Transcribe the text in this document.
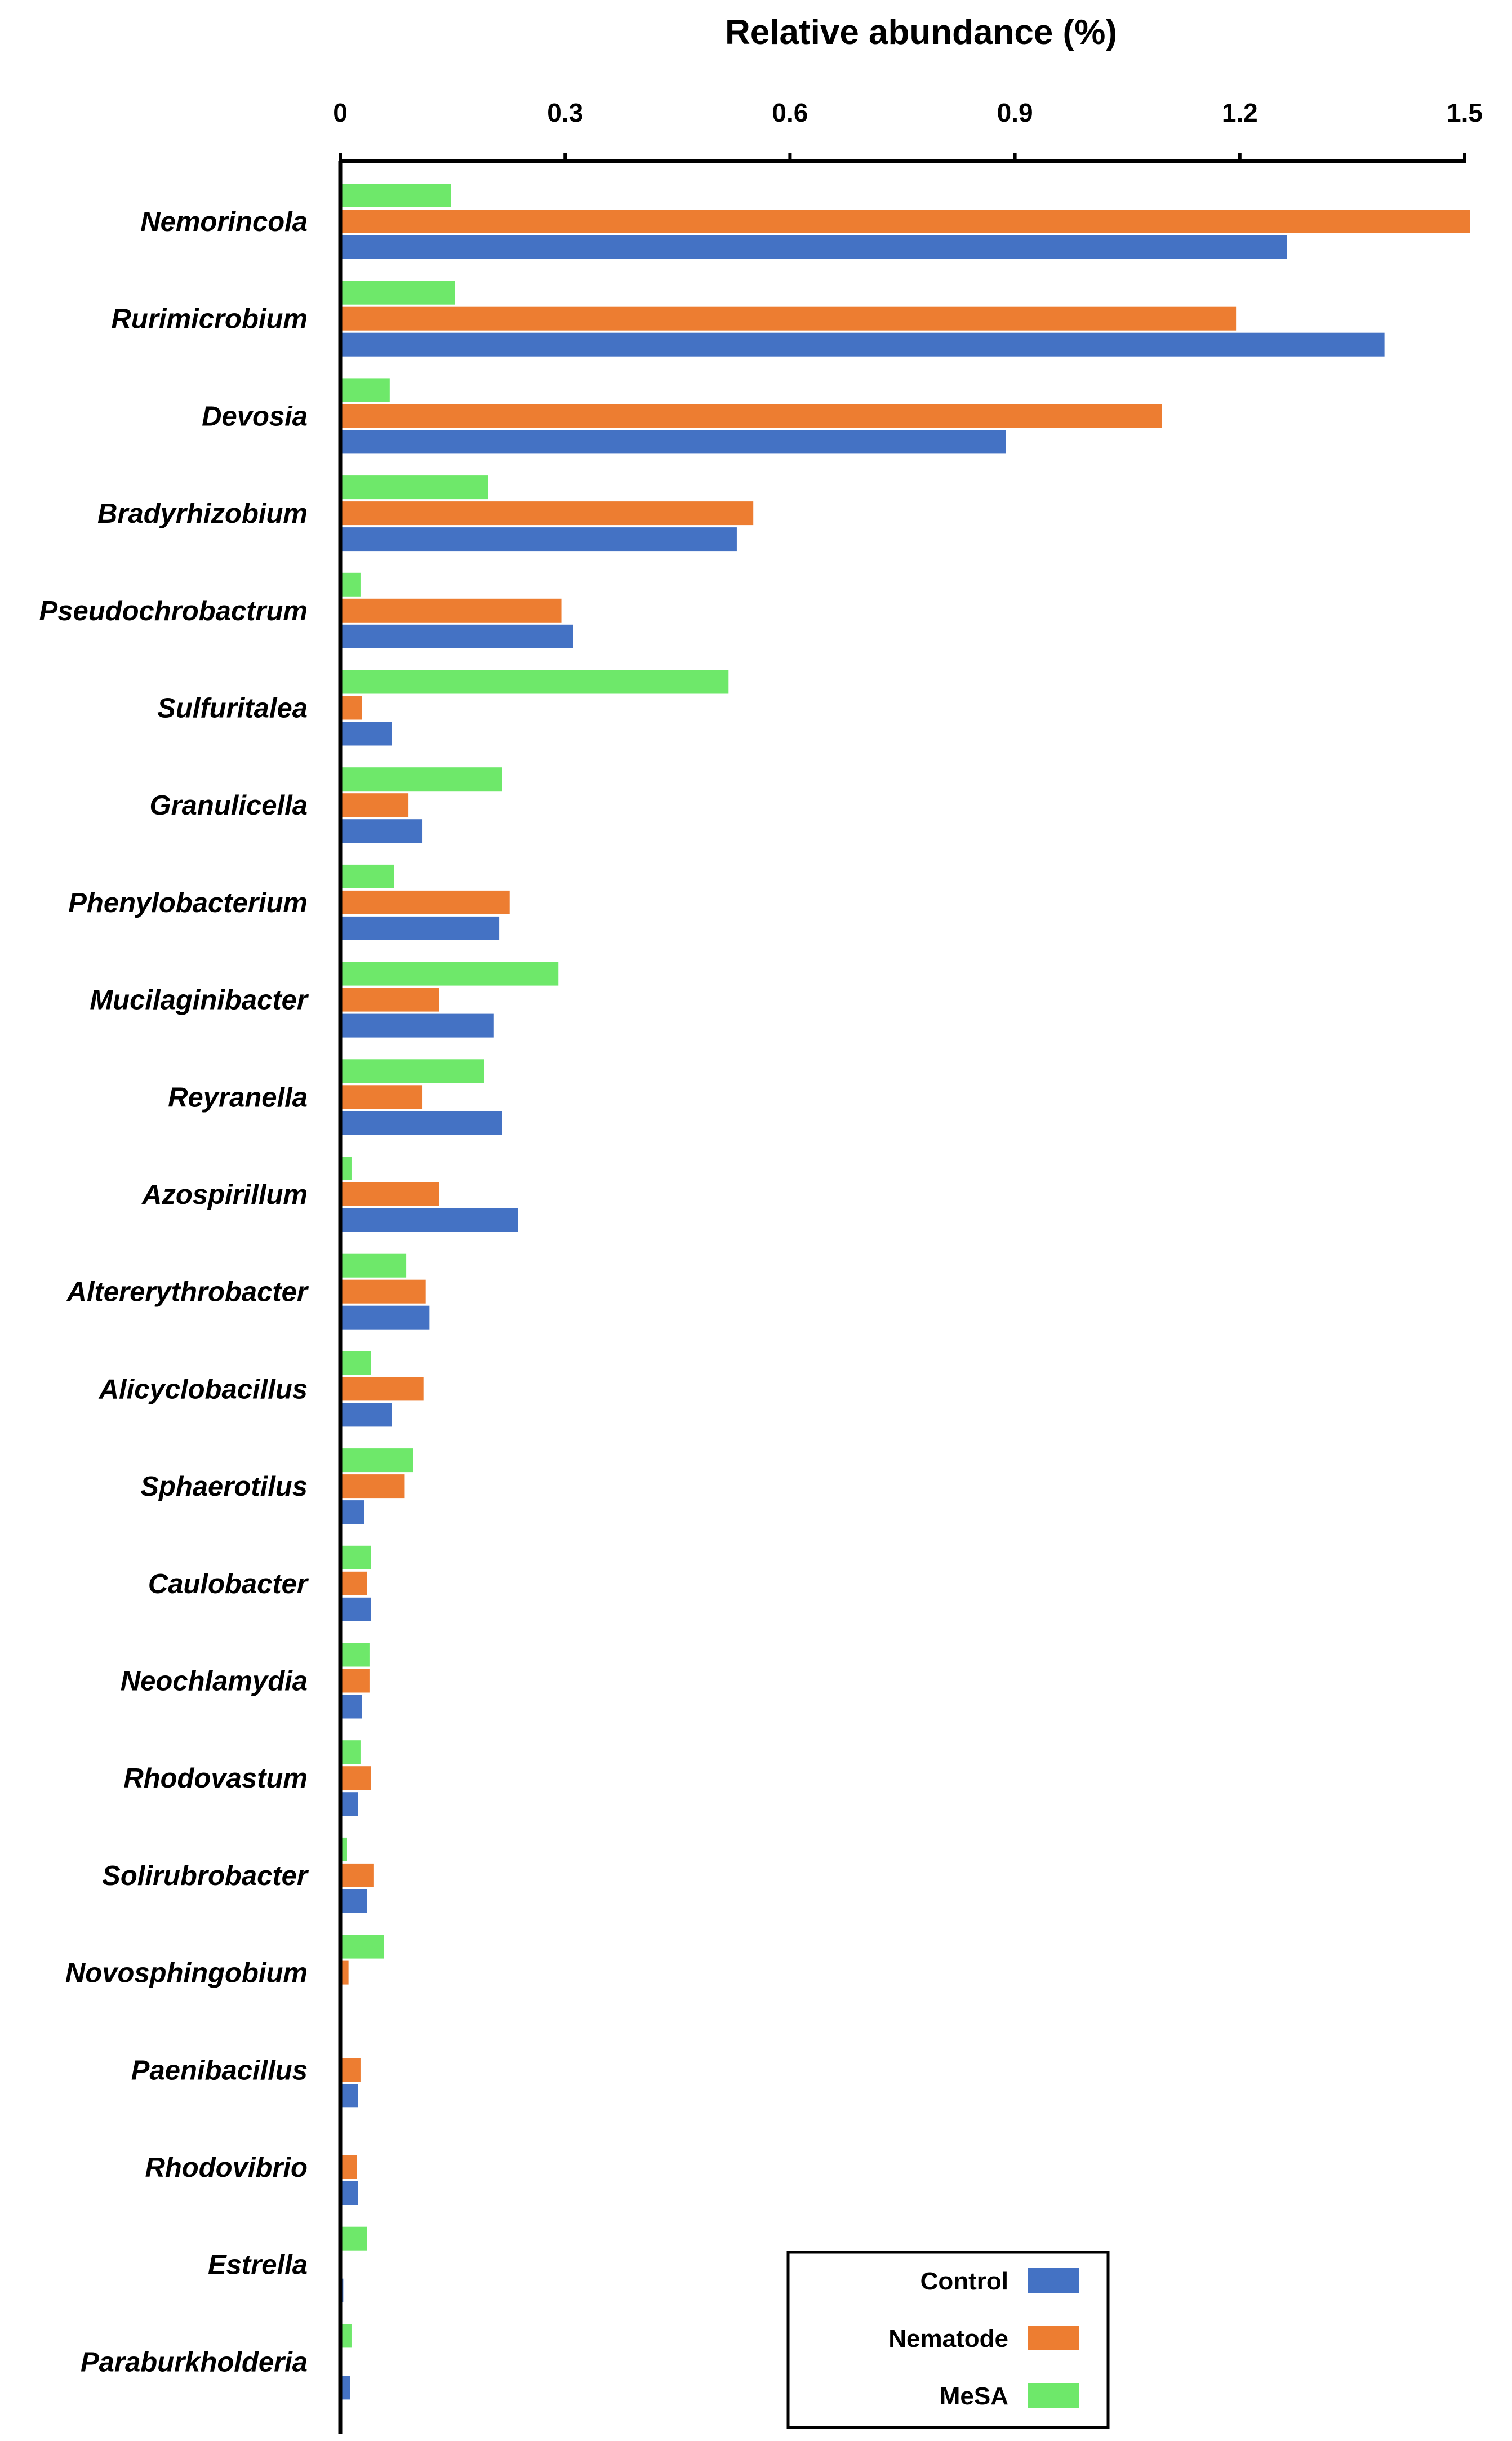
Relative abundance (%)
0	0.3	0.6	0.9	1.2	1.5
Nemorincola
Rurimicrobium
Devosia
Bradyrhizobium
Pseudochrobactrum
Sulfuritalea
Granulicella
Phenylobacterium
Mucilaginibacter
Reyranella
Azospirillum
Altererythrobacter
Alicyclobacillus
Sphaerotilus
Caulobacter
Neochlamydia
Rhodovastum
Solirubrobacter
Novosphingobium
Paenibacillus
Rhodovibrio
Estrella
Paraburkholderia
Control
Nematode
MeSA
